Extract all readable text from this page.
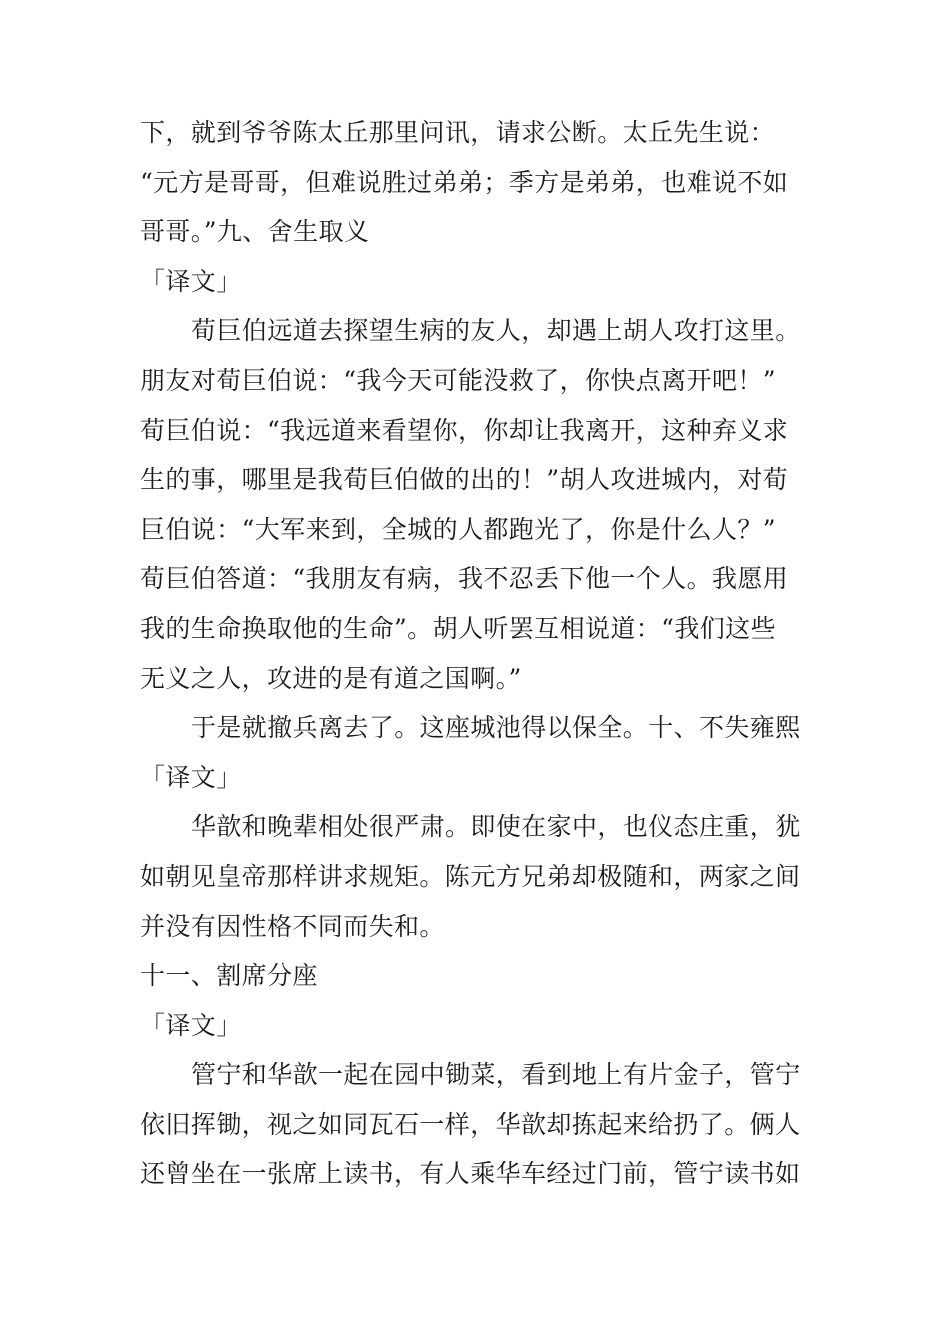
下，就到爷爷陈太丘那里问讯，请求公断。太丘先生说：
“元方是哥哥，但难说胜过弟弟；季方是弟弟，也难说不如
哥哥。”九、舍生取义
「译文」
荀巨伯远道去探望生病的友人，却遇上胡人攻打这里。
朋友对荀巨伯说：“我今天可能没救了，你快点离开吧！”
荀巨伯说：“我远道来看望你，你却让我离开，这种弃义求
生的事，哪里是我荀巨伯做的出的！”胡人攻进城内，对荀
巨伯说：“大军来到，全城的人都跑光了，你是什么人？”
荀巨伯答道：“我朋友有病，我不忍丢下他一个人。我愿用
我的生命换取他的生命”。胡人听罢互相说道：“我们这些
无义之人，攻进的是有道之国啊。”
于是就撤兵离去了。这座城池得以保全。十、不失雍熙
「译文」
华歆和晚辈相处很严肃。即使在家中，也仪态庄重，犹
如朝见皇帝那样讲求规矩。陈元方兄弟却极随和，两家之间
并没有因性格不同而失和。
十一、割席分座
「译文」
管宁和华歆一起在园中锄菜，看到地上有片金子，管宁
依旧挥锄，视之如同瓦石一样，华歆却拣起来给扔了。俩人
还曾坐在一张席上读书，有人乘华车经过门前，管宁读书如
